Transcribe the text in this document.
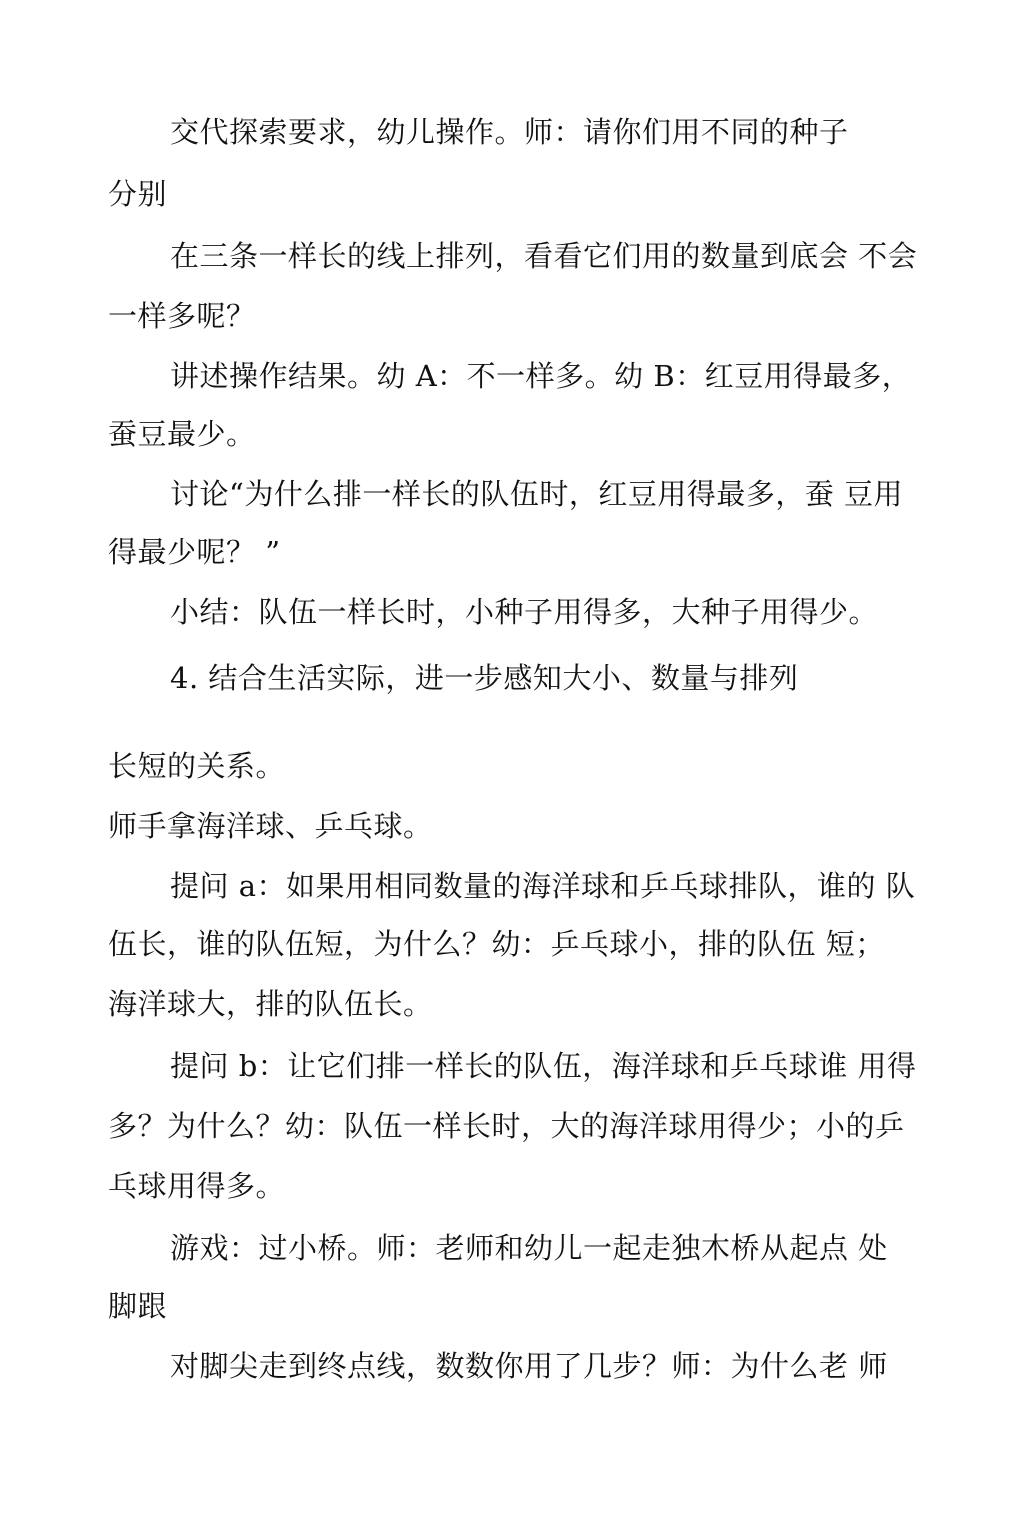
交代探索要求，幼儿操作。师：请你们用不同的种子
分别
在三条一样长的线上排列，看看它们用的数量到底会 不会
一样多呢？
讲述操作结果。幼 A：不一样多。幼 B：红豆用得最多，
蚕豆最少。
讨论“为什么排一样长的队伍时，红豆用得最多，蚕 豆用
得最少呢？ ”
小结：队伍一样长时，小种子用得多，大种子用得少。
4. 结合生活实际，进一步感知大小、数量与排列
长短的关系。
师手拿海洋球、乒乓球。
提问 a：如果用相同数量的海洋球和乒乓球排队，谁的 队
伍长，谁的队伍短，为什么？幼：乒乓球小，排的队伍 短；
海洋球大，排的队伍长。
提问 b：让它们排一样长的队伍，海洋球和乒乓球谁 用得
多？为什么？幼：队伍一样长时，大的海洋球用得少；小的乒
乓球用得多。
游戏：过小桥。师：老师和幼儿一起走独木桥从起点 处
脚跟
对脚尖走到终点线，数数你用了几步？师：为什么老 师
